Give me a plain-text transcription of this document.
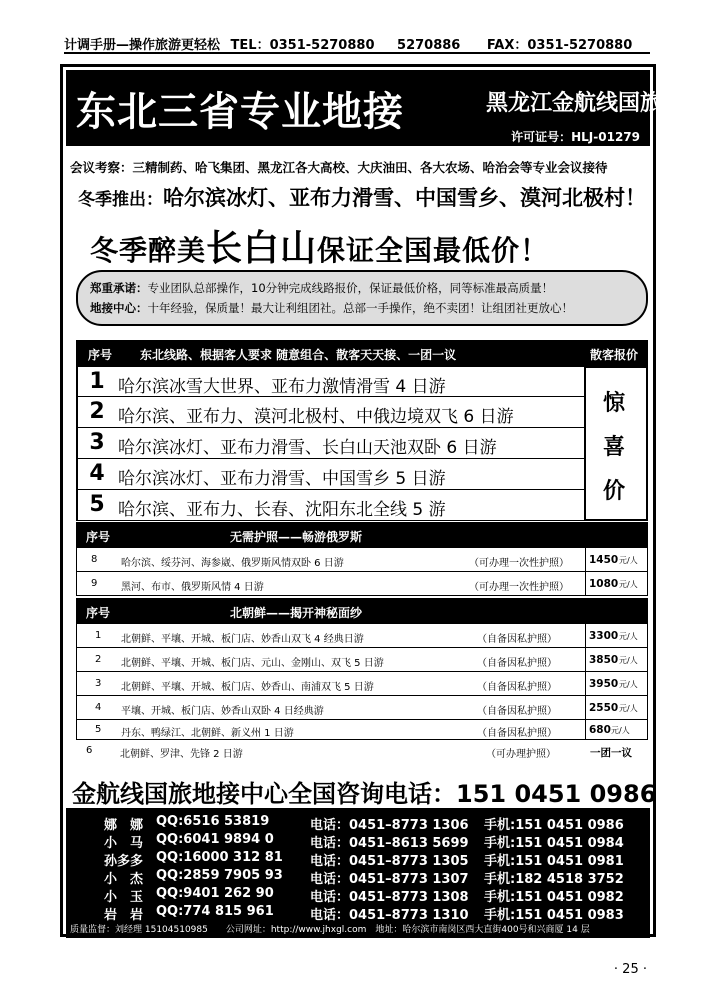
计调手册—操作旅游更轻松 TEL：0351-5270880 5270886 FAX：0351-5270880
东北三省专业地接	黑龙江金航线国旅总社
许可证号：HLJ-01279
会议考察：三精制药、哈飞集团、黑龙江各大高校、大庆油田、各大农场、哈治会等专业会议接待
冬季推出：哈尔滨冰灯、亚布力滑雪、中国雪乡、漠河北极村！
冬季醉美长白山保证全国最低价！
郑重承诺：专业团队总部操作，10分钟完成线路报价，保证最低价格，同等标准最高质量！
地接中心：十年经验，保质量！最大让利组团社。总部一手操作，绝不卖团！让组团社更放心！
序号 东北线路、根据客人要求 随意组合、散客天天接、一团一议	散客报价
1 哈尔滨冰雪大世界、亚布力激情滑雪 4 日游
2 哈尔滨、亚布力、漠河北极村、中俄边境双飞 6 日游
3 哈尔滨冰灯、亚布力滑雪、长白山天池双卧 6 日游
4 哈尔滨冰灯、亚布力滑雪、中国雪乡 5 日游
5 哈尔滨、亚布力、长春、沈阳东北全线 5 游
惊
喜
价
序号	无需护照——畅游俄罗斯
8 哈尔滨、绥芬河、海参崴、俄罗斯风情双卧 6 日游	（可办理一次性护照） 1450 元/人
9 黑河、布市、俄罗斯风情 4 日游	（可办理一次性护照） 1080 元/人
序号	北朝鲜——揭开神秘面纱
1 北朝鲜、平壤、开城、板门店、妙香山双飞 4 经典日游	（自备因私护照）	3300 元/人
2 北朝鲜、平壤、开城、板门店、元山、金刚山、双飞 5 日游	（自备因私护照）	3850 元/人
3 北朝鲜、平壤、开城、板门店、妙香山、南浦双飞 5 日游	（自备因私护照）	3950 元/人
4 平壤、开城、板门店、妙香山双卧 4 日经典游	（自备因私护照）	2550 元/人
5 丹东、鸭绿江、北朝鲜、新义州 1 日游	（自备因私护照）	680 元/人
6	北朝鲜、罗津、先锋 2 日游	（可办理护照）	一团一议
金航线国旅地接中心全国咨询电话：151 0451 0986
娜　娜 QQ:6516 53819	电话：0451–8773 1306 手机:151 0451 0986
小　马 QQ:6041 9894 0	电话：0451–8613 5699 手机:151 0451 0984
孙多多 QQ:16000 312 81 电话：0451–8773 1305 手机:151 0451 0981
小　杰 QQ:2859 7905 93 电话：0451–8773 1307 手机:182 4518 3752
小　玉 QQ:9401 262 90	电话：0451–8773 1308 手机:151 0451 0982
岩　岩 QQ:774 815 961	电话：0451–8773 1310 手机:151 0451 0983
质量监督：刘经理 15104510985　　公司网址：http://www.jhxgl.com　地址：哈尔滨市南岗区西大直街400号和兴商厦 14 层
· 25 ·
